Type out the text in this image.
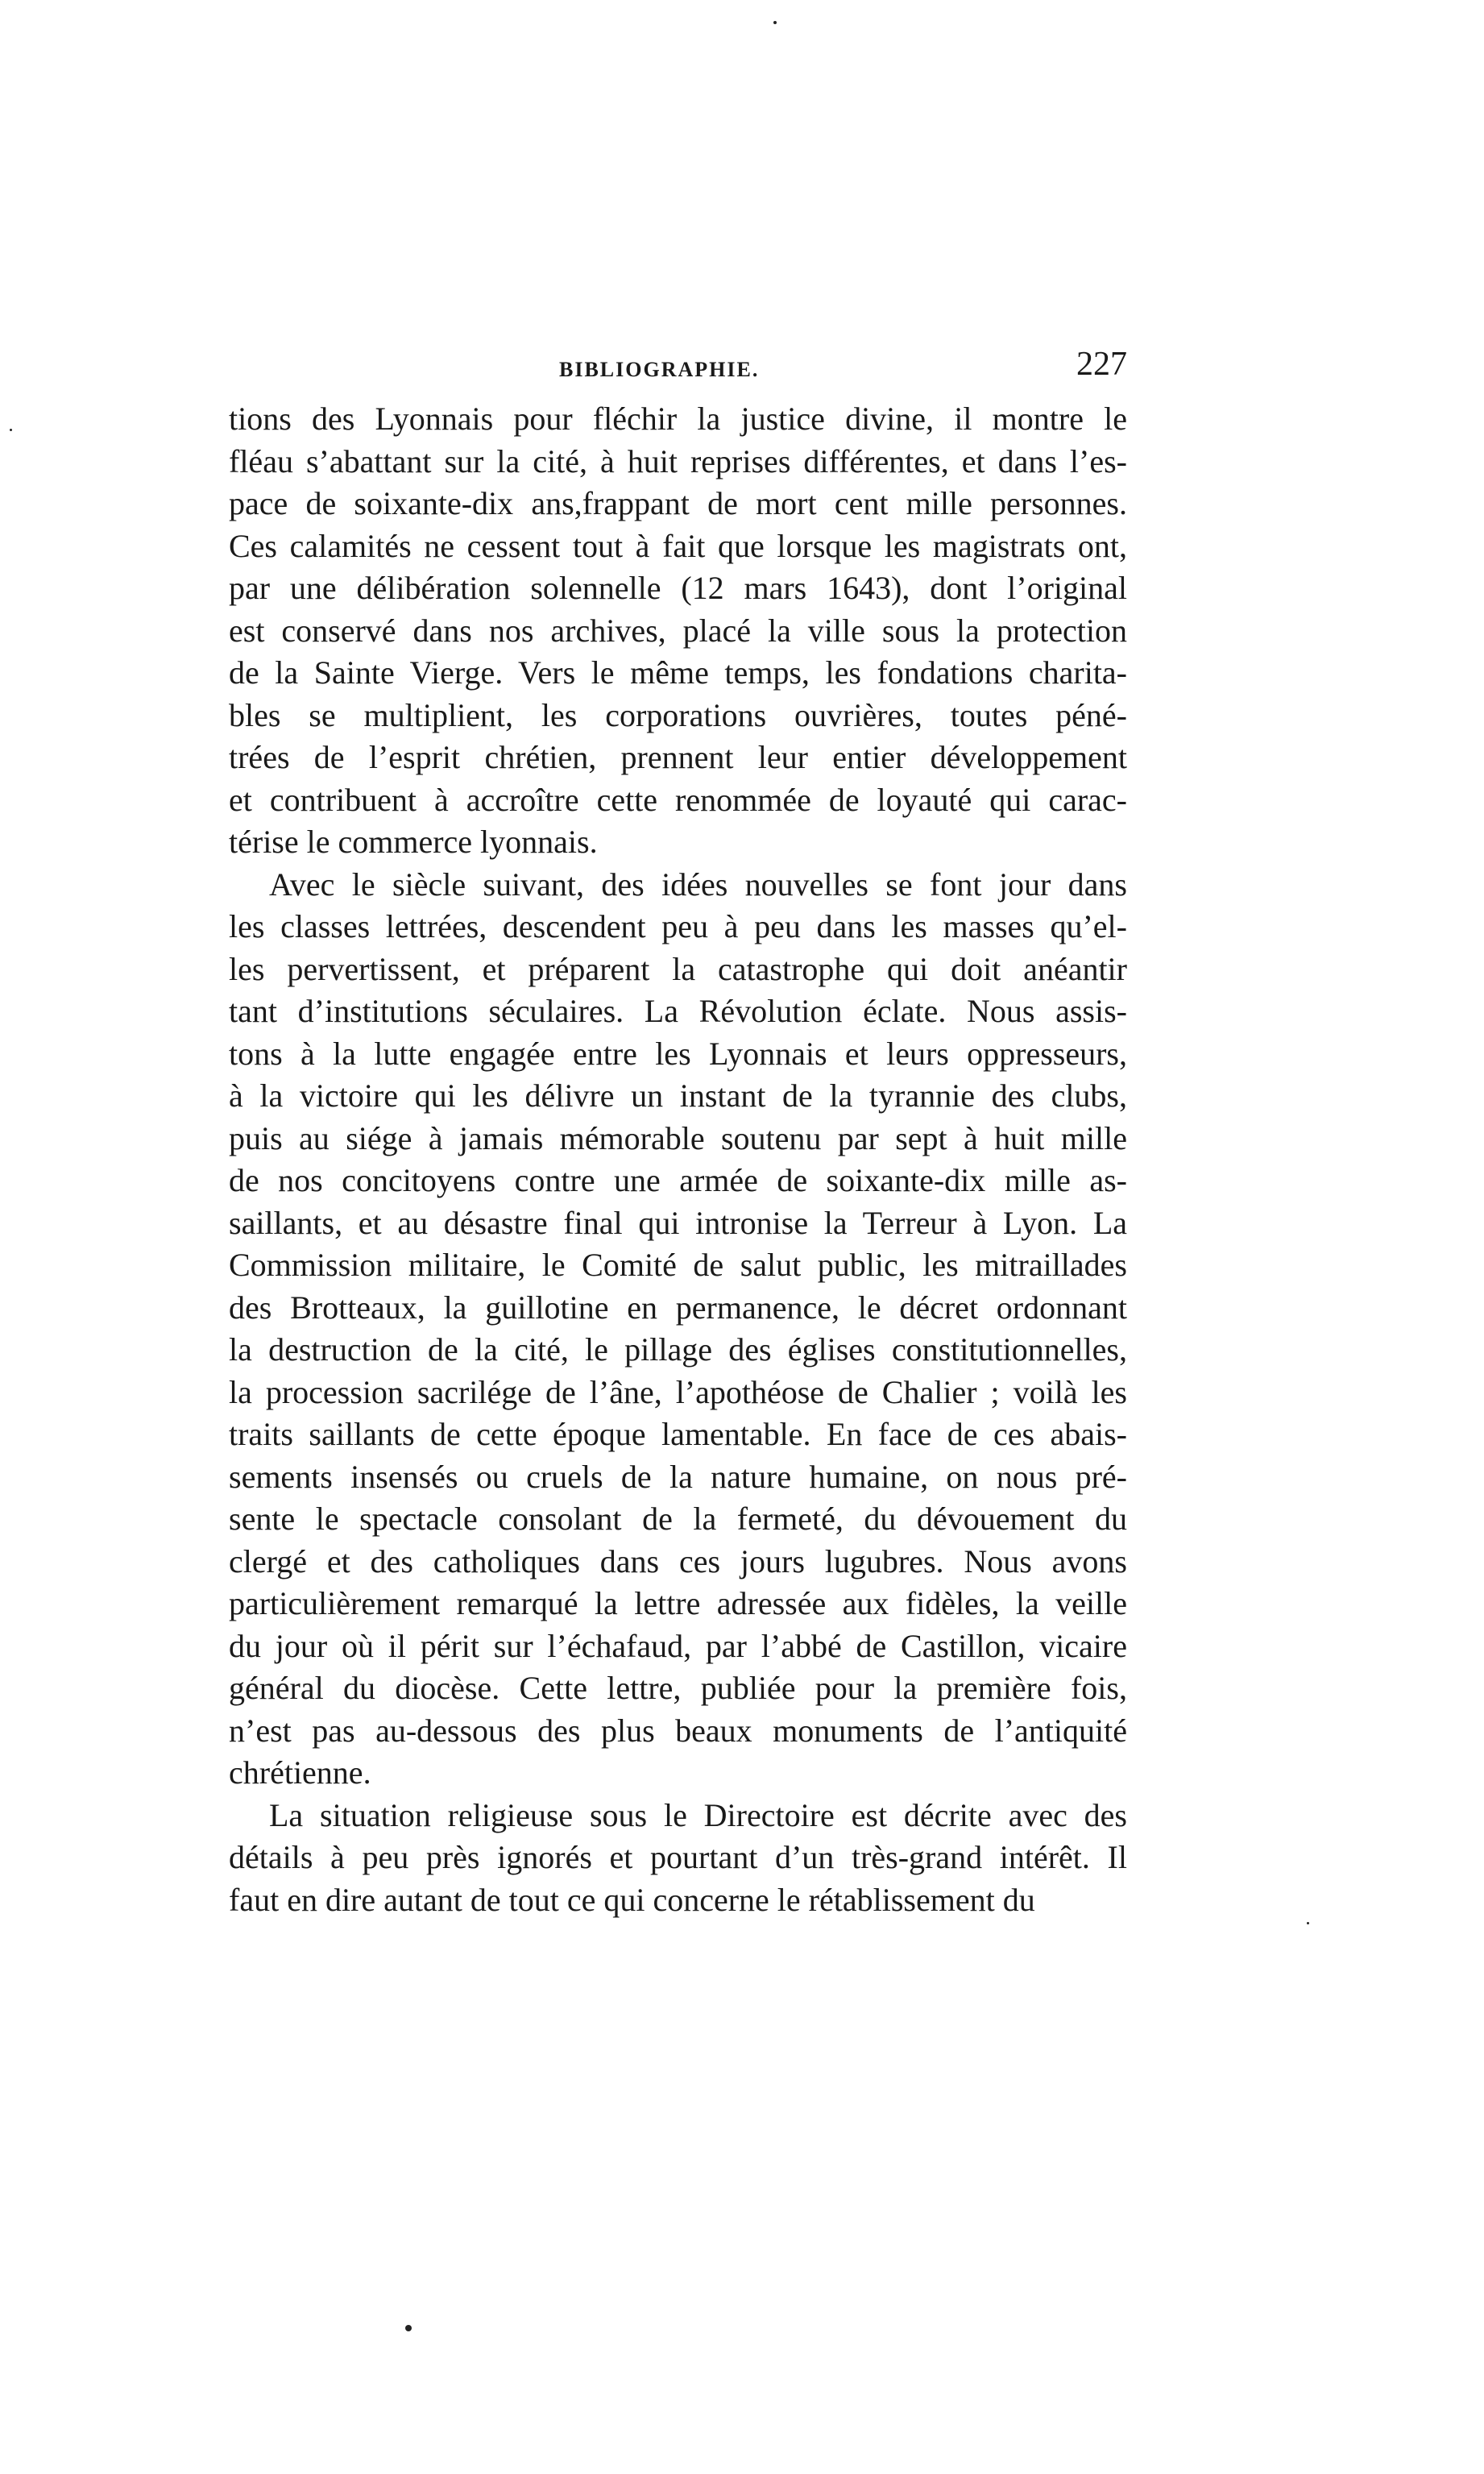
BIBLIOGRAPHIE.	227
tions des Lyonnais pour fléchir la justice divine, il montre le
fléau s’abattant sur la cité, à huit reprises différentes, et dans l’es-
pace de soixante-dix ans,frappant de mort cent mille personnes.
Ces calamités ne cessent tout à fait que lorsque les magistrats ont,
par une délibération solennelle (12 mars 1643), dont l’original
est conservé dans nos archives, placé la ville sous la protection
de la Sainte Vierge. Vers le même temps, les fondations charita-
bles se multiplient, les corporations ouvrières, toutes péné-
trées de l’esprit chrétien, prennent leur entier développement
et contribuent à accroître cette renommée de loyauté qui carac-
térise le commerce lyonnais.
Avec le siècle suivant, des idées nouvelles se font jour dans
les classes lettrées, descendent peu à peu dans les masses qu’el-
les pervertissent, et préparent la catastrophe qui doit anéantir
tant d’institutions séculaires. La Révolution éclate. Nous assis-
tons à la lutte engagée entre les Lyonnais et leurs oppresseurs,
à la victoire qui les délivre un instant de la tyrannie des clubs,
puis au siége à jamais mémorable soutenu par sept à huit mille
de nos concitoyens contre une armée de soixante-dix mille as-
saillants, et au désastre final qui intronise la Terreur à Lyon. La
Commission militaire, le Comité de salut public, les mitraillades
des Brotteaux, la guillotine en permanence, le décret ordonnant
la destruction de la cité, le pillage des églises constitutionnelles,
la procession sacrilége de l’âne, l’apothéose de Chalier ; voilà les
traits saillants de cette époque lamentable. En face de ces abais-
sements insensés ou cruels de la nature humaine, on nous pré-
sente le spectacle consolant de la fermeté, du dévouement du
clergé et des catholiques dans ces jours lugubres. Nous avons
particulièrement remarqué la lettre adressée aux fidèles, la veille
du jour où il périt sur l’échafaud, par l’abbé de Castillon, vicaire
général du diocèse. Cette lettre, publiée pour la première fois,
n’est pas au-dessous des plus beaux monuments de l’antiquité
chrétienne.
La situation religieuse sous le Directoire est décrite avec des
détails à peu près ignorés et pourtant d’un très-grand intérêt. Il
faut en dire autant de tout ce qui concerne le rétablissement du
